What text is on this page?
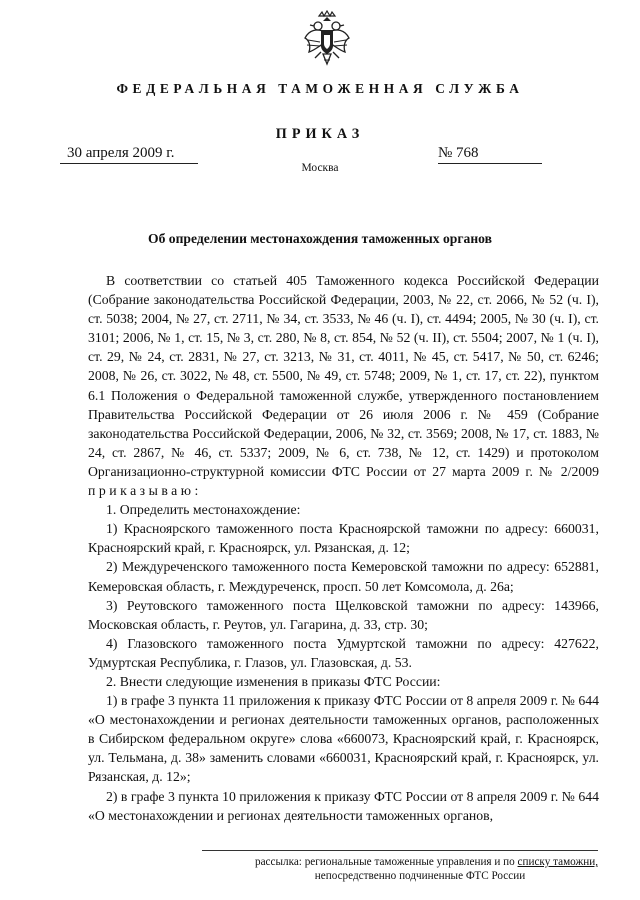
ФЕДЕРАЛЬНАЯ ТАМОЖЕННАЯ СЛУЖБА
ПРИКАЗ
30 апреля 2009 г.	№ 768
Москва
Об определении местонахождения таможенных органов

В соответствии со статьей 405 Таможенного кодекса Российской Федерации (Собрание законодательства Российской Федерации, 2003, № 22, ст. 2066, № 52 (ч. I), ст. 5038; 2004, № 27, ст. 2711, № 34, ст. 3533, № 46 (ч. I), ст. 4494; 2005, № 30 (ч. I), ст. 3101; 2006, № 1, ст. 15, № 3, ст. 280, № 8, ст. 854, № 52 (ч. II), ст. 5504; 2007, № 1 (ч. I), ст. 29, № 24, ст. 2831, № 27, ст. 3213, № 31, ст. 4011, № 45, ст. 5417, № 50, ст. 6246; 2008, № 26, ст. 3022, № 48, ст. 5500, № 49, ст. 5748; 2009, № 1, ст. 17, ст. 22), пунктом 6.1 Положения о Федеральной таможенной службе, утвержденного постановлением Правительства Российской Федерации от 26 июля 2006 г. № 459 (Собрание законодательства Российской Федерации, 2006, № 32, ст. 3569; 2008, № 17, ст. 1883, № 24, ст. 2867, № 46, ст. 5337; 2009, № 6, ст. 738, № 12, ст. 1429) и протоколом Организационно-структурной комиссии ФТС России от 27 марта 2009 г. № 2/2009 приказываю:

1. Определить местонахождение:

1) Красноярского таможенного поста Красноярской таможни по адресу: 660031, Красноярский край, г. Красноярск, ул. Рязанская, д. 12;

2) Междуреченского таможенного поста Кемеровской таможни по адресу: 652881, Кемеровская область, г. Междуреченск, просп. 50 лет Комсомола, д. 26а;

3) Реутовского таможенного поста Щелковской таможни по адресу: 143966, Московская область, г. Реутов, ул. Гагарина, д. 33, стр. 30;

4) Глазовского таможенного поста Удмуртской таможни по адресу: 427622, Удмуртская Республика, г. Глазов, ул. Глазовская, д. 53.

2. Внести следующие изменения в приказы ФТС России:

1) в графе 3 пункта 11 приложения к приказу ФТС России от 8 апреля 2009 г. № 644 «О местонахождении и регионах деятельности таможенных органов, расположенных в Сибирском федеральном округе» слова «660073, Красноярский край, г. Красноярск, ул. Тельмана, д. 38» заменить словами «660031, Красноярский край, г. Красноярск, ул. Рязанская, д. 12»;

2) в графе 3 пункта 10 приложения к приказу ФТС России от 8 апреля 2009 г. № 644 «О местонахождении и регионах деятельности таможенных органов,

рассылка: региональные таможенные управления и по списку таможни,
непосредственно подчиненные ФТС России
